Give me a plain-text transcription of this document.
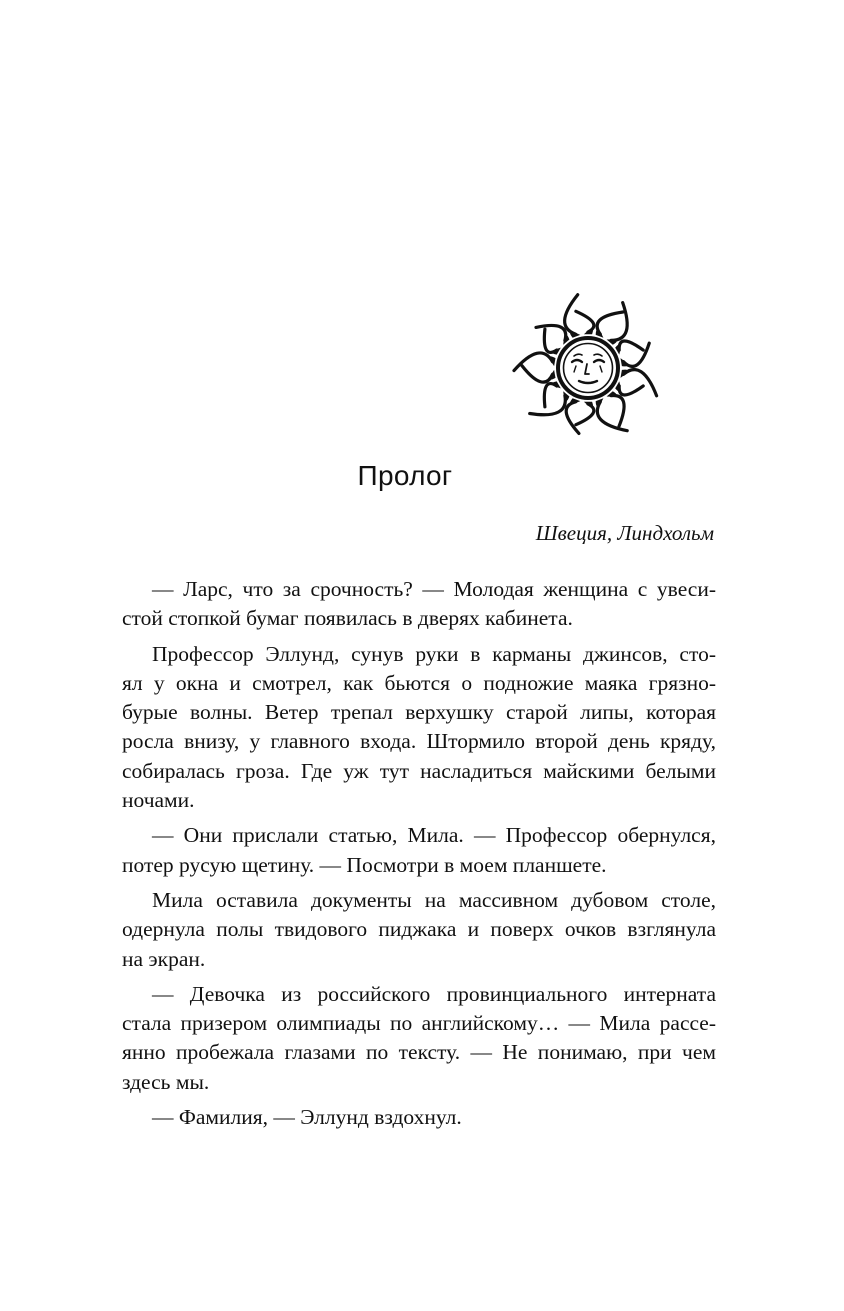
Пролог
Швеция, Линдхольм
— Ларс, что за срочность? — Молодая женщина с увеси-
стой стопкой бумаг появилась в дверях кабинета.
Профессор Эллунд, сунув руки в карманы джинсов, сто-
ял у окна и смотрел, как бьются о подножие маяка грязно-
бурые волны. Ветер трепал верхушку старой липы, которая
росла внизу, у главного входа. Штормило второй день кряду,
собиралась гроза. Где уж тут насладиться майскими белыми
ночами.
— Они прислали статью, Мила. — Профессор обернулся,
потер русую щетину. — Посмотри в моем планшете.
Мила оставила документы на массивном дубовом столе,
одернула полы твидового пиджака и поверх очков взглянула
на экран.
— Девочка из российского провинциального интерната
стала призером олимпиады по английскому… — Мила рассе-
янно пробежала глазами по тексту. — Не понимаю, при чем
здесь мы.
— Фамилия, — Эллунд вздохнул.
